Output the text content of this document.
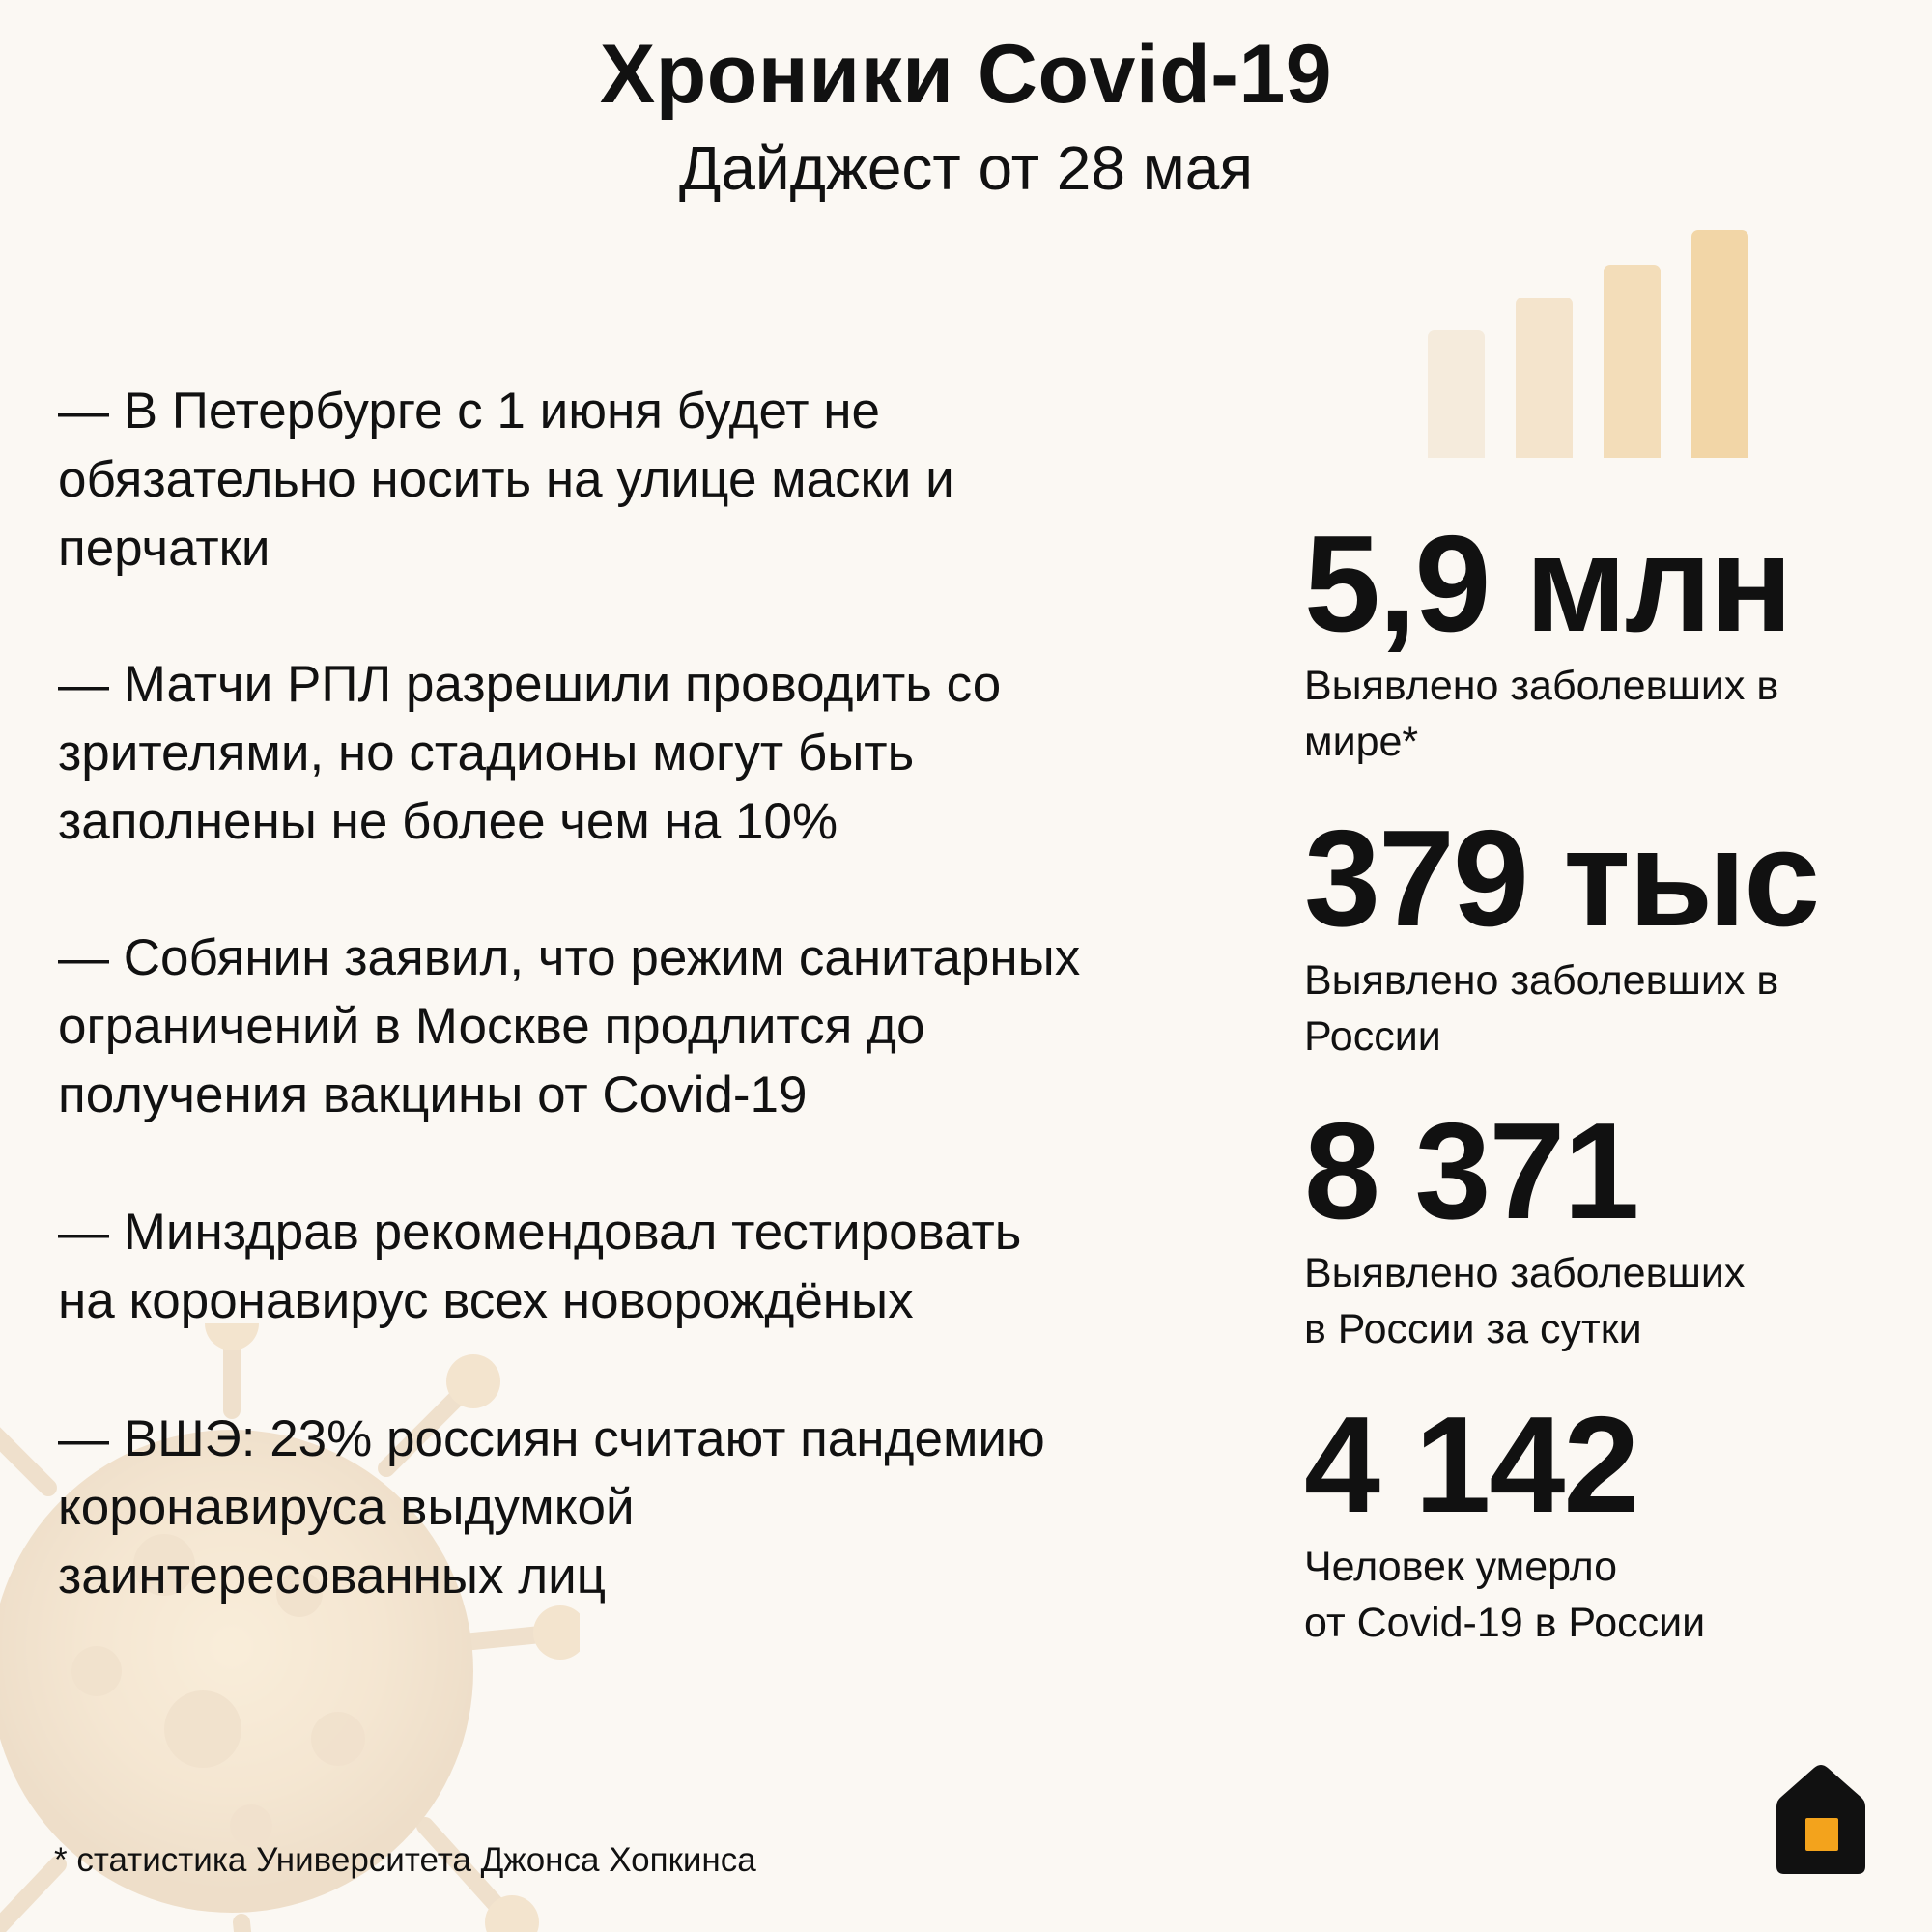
Хроники Covid-19
Дайджест от 28 мая
— В Петербурге с 1 июня будет не
обязательно носить на улице маски и
перчатки
— Матчи РПЛ разрешили проводить со
зрителями, но стадионы могут быть
заполнены не более чем на 10%
— Собянин заявил, что режим санитарных
ограничений в Москве продлится до
получения вакцины от Covid-19
— Минздрав рекомендовал тестировать
на коронавирус всех новорождёных
— ВШЭ: 23% россиян считают пандемию
коронавируса выдумкой
заинтересованных лиц
5,9 млн
Выявлено заболевших в
мире*
379 тыс
Выявлено заболевших в
России
8 371
Выявлено заболевших
в России за сутки
4 142
Человек умерло
от Covid-19 в России
* статистика Университета Джонса Хопкинса
